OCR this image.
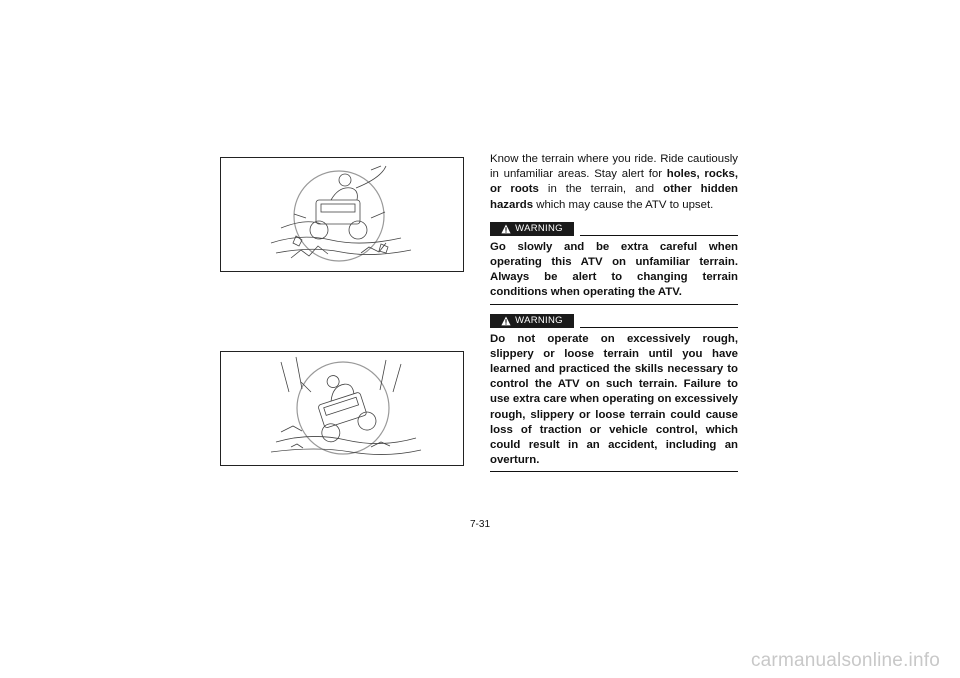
Know the terrain where you ride. Ride cautiously in unfamiliar areas. Stay alert for holes, rocks, or roots in the terrain, and other hidden hazards which may cause the ATV to upset.

WARNING

Go slowly and be extra careful when operating this ATV on unfamiliar terrain. Always be alert to changing terrain conditions when operating the ATV.

WARNING

Do not operate on excessively rough, slippery or loose terrain until you have learned and practiced the skills necessary to control the ATV on such terrain. Failure to use extra care when operating on excessively rough, slippery or loose terrain could cause loss of traction or vehicle control, which could result in an accident, including an overturn.

7-31
carmanualsonline.info
